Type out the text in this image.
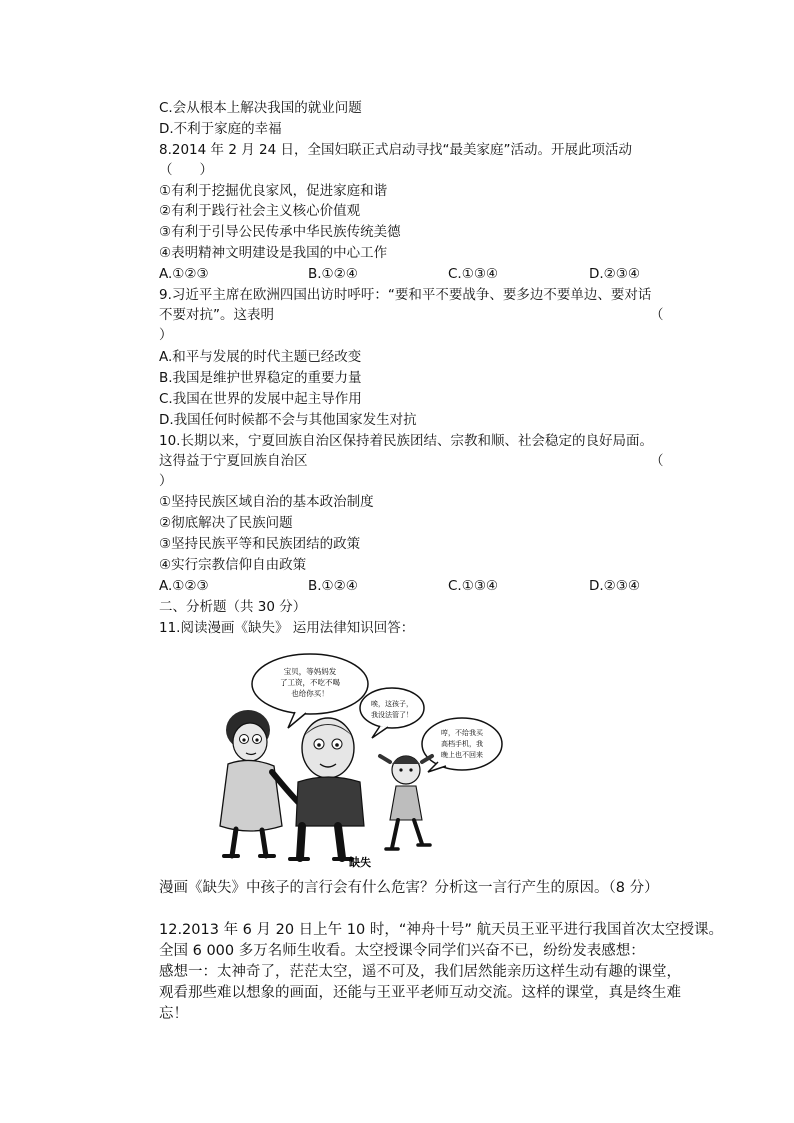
C.会从根本上解决我国的就业问题
D.不利于家庭的幸福
8.2014 年 2 月 24 日，全国妇联正式启动寻找“最美家庭”活动。开展此项活动
（　　）
①有利于挖掘优良家风，促进家庭和谐
②有利于践行社会主义核心价值观
③有利于引导公民传承中华民族传统美德
④表明精神文明建设是我国的中心工作
A.①②③	B.①②④	C.①③④	D.②③④
9.习近平主席在欧洲四国出访时呼吁：“要和平不要战争、要多边不要单边、要对话
不要对抗”。这表明	（
）
A.和平与发展的时代主题已经改变
B.我国是维护世界稳定的重要力量
C.我国在世界的发展中起主导作用
D.我国任何时候都不会与其他国家发生对抗
10.长期以来，宁夏回族自治区保持着民族团结、宗教和顺、社会稳定的良好局面。
这得益于宁夏回族自治区	（
）
①坚持民族区域自治的基本政治制度
②彻底解决了民族问题
③坚持民族平等和民族团结的政策
④实行宗教信仰自由政策
A.①②③	B.①②④	C.①③④	D.②③④
二、分析题（共 30 分）
11.阅读漫画《缺失》 运用法律知识回答：
宝贝，等妈妈发
了工资，不吃不喝
也给你买！
唉，这孩子，
我没法管了！
哼，不给我买
高档手机，我
晚上也不回来
缺失
漫画《缺失》中孩子的言行会有什么危害？分析这一言行产生的原因。（8 分）
12.2013 年 6 月 20 日上午 10 时，“神舟十号” 航天员王亚平进行我国首次太空授课。
全国 6 000 多万名师生收看。太空授课令同学们兴奋不已，纷纷发表感想：
感想一：太神奇了，茫茫太空，遥不可及，我们居然能亲历这样生动有趣的课堂，
观看那些难以想象的画面，还能与王亚平老师互动交流。这样的课堂，真是终生难
忘！
